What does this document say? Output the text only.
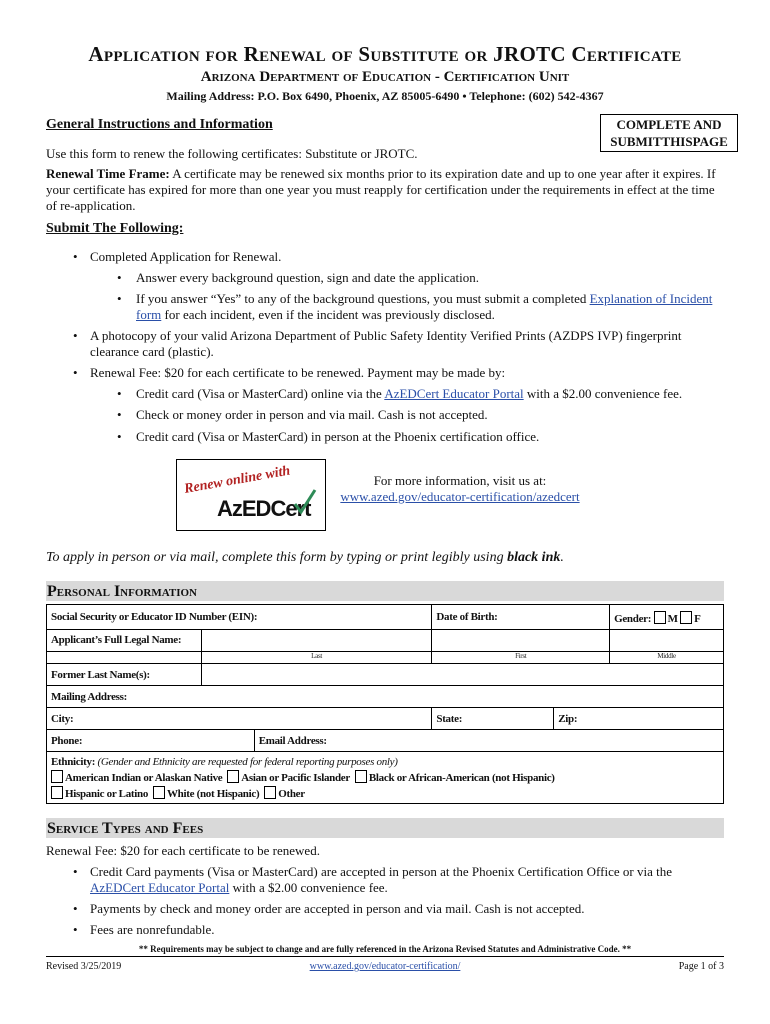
Application for Renewal of Substitute or JROTC Certificate
Arizona Department of Education - Certification Unit
Mailing Address: P.O. Box 6490, Phoenix, AZ 85005-6490 • Telephone: (602) 542-4367
General Instructions and Information	COMPLETE AND
SUBMITTHISPAGE
Use this form to renew the following certificates: Substitute or JROTC.
Renewal Time Frame: A certificate may be renewed six months prior to its expiration date and up to one year after it expires. If your certificate has expired for more than one year you must reapply for certification under the requirements in effect at the time of re-application.
Submit The Following:
• Completed Application for Renewal.
• Answer every background question, sign and date the application.
• If you answer “Yes” to any of the background questions, you must submit a completed Explanation of Incident form for each incident, even if the incident was previously disclosed.
• A photocopy of your valid Arizona Department of Public Safety Identity Verified Prints (AZDPS IVP) fingerprint clearance card (plastic).
• Renewal Fee: $20 for each certificate to be renewed. Payment may be made by:
• Credit card (Visa or MasterCard) online via the AzEDCert Educator Portal with a $2.00 convenience fee.
• Check or money order in person and via mail. Cash is not accepted.
• Credit card (Visa or MasterCard) in person at the Phoenix certification office.
Renew online with
AzEDCert
For more information, visit us at:
www.azed.gov/educator-certification/azedcert
To apply in person or via mail, complete this form by typing or print legibly using black ink.
Personal Information
Social Security or Educator ID Number (EIN):			Date of Birth:		Gender: M F
Applicant’s Full Legal Name:					
	Last		First		Middle
Former Last Name(s):					
Mailing Address:					
City:			State:	Zip:	
Phone:		Email Address:			

Ethnicity: (Gender and Ethnicity are requested for federal reporting purposes only)
American Indian or Alaskan Native Asian or Pacific Islander Black or African-American (not Hispanic)
Hispanic or Latino White (not Hispanic) Other					
Service Types and Fees
Renewal Fee: $20 for each certificate to be renewed.
• Credit Card payments (Visa or MasterCard) are accepted in person at the Phoenix Certification Office or via the AzEDCert Educator Portal with a $2.00 convenience fee.
• Payments by check and money order are accepted in person and via mail. Cash is not accepted.
• Fees are nonrefundable.
** Requirements may be subject to change and are fully referenced in the Arizona Revised Statutes and Administrative Code. **
Revised 3/25/2019	www.azed.gov/educator-certification/	Page 1 of 3
